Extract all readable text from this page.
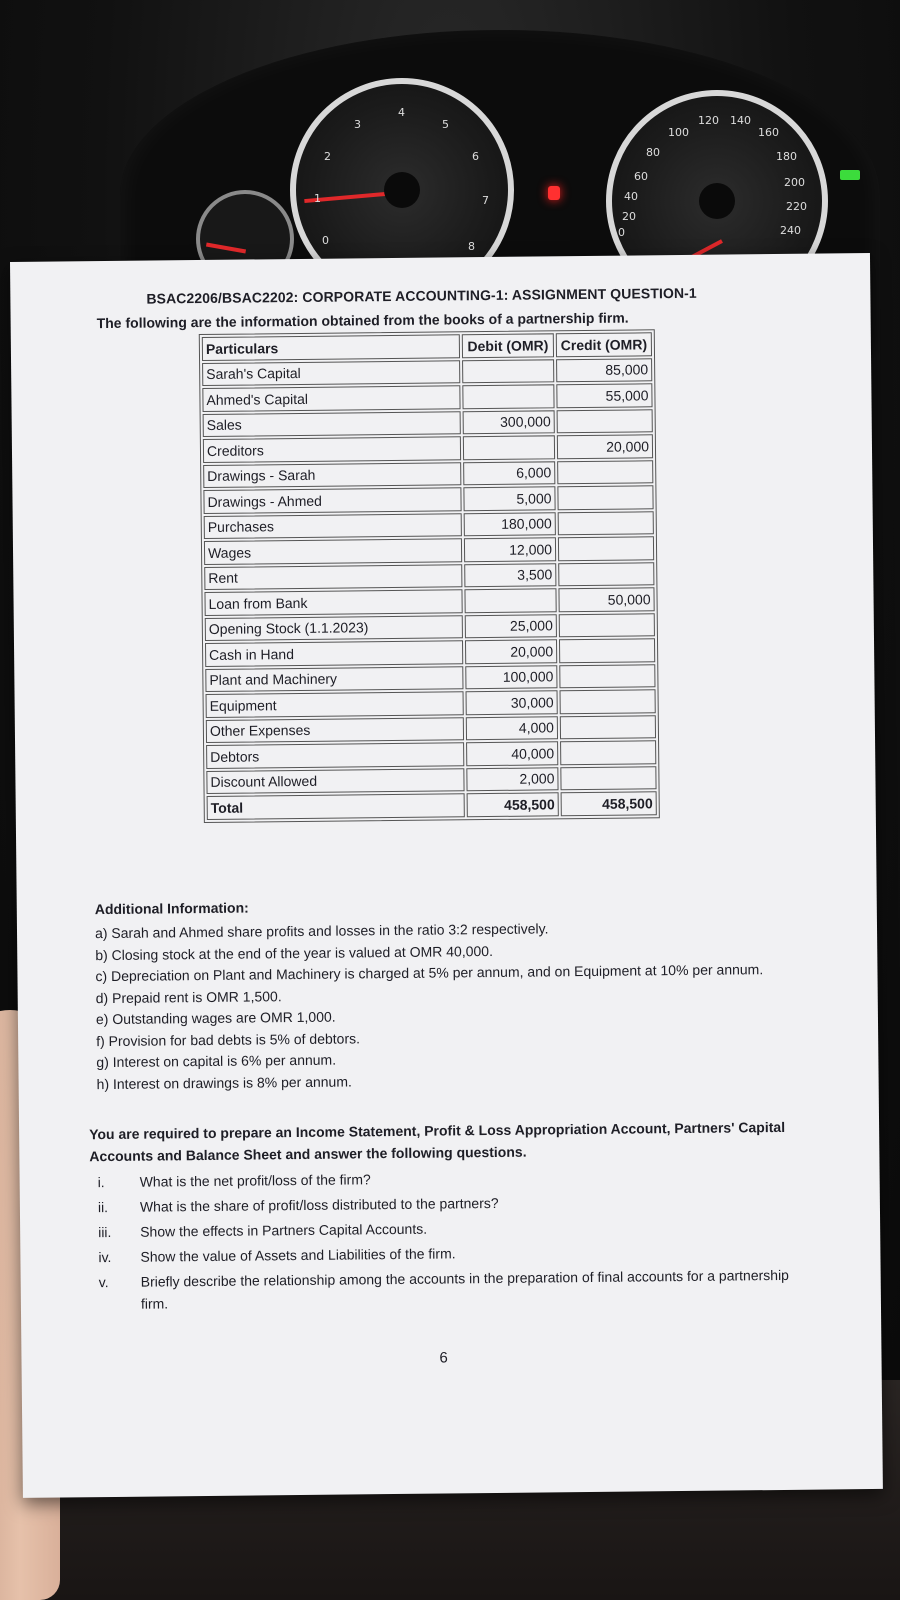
0
1
2
3
4
5
6
7
8
0
20
40
60
80
100
120 140
160
180
200
220
240
BSAC2206/BSAC2202: CORPORATE ACCOUNTING-1: ASSIGNMENT QUESTION-1
The following are the information obtained from the books of a partnership firm.
Particulars	Debit (OMR)	Credit (OMR)
Sarah's Capital		85,000
Ahmed's Capital		55,000
Sales	300,000	
Creditors		20,000
Drawings - Sarah	6,000	
Drawings - Ahmed	5,000	
Purchases	180,000	
Wages	12,000	
Rent	3,500	
Loan from Bank		50,000
Opening Stock (1.1.2023)	25,000	
Cash in Hand	20,000	
Plant and Machinery	100,000	
Equipment	30,000	
Other Expenses	4,000	
Debtors	40,000	
Discount Allowed	2,000	
Total	458,500	458,500
Additional Information:
a) Sarah and Ahmed share profits and losses in the ratio 3:2 respectively.
b) Closing stock at the end of the year is valued at OMR 40,000.
c) Depreciation on Plant and Machinery is charged at 5% per annum, and on Equipment at 10% per annum.
d) Prepaid rent is OMR 1,500.
e) Outstanding wages are OMR 1,000.
f) Provision for bad debts is 5% of debtors.
g) Interest on capital is 6% per annum.
h) Interest on drawings is 8% per annum.
You are required to prepare an Income Statement, Profit & Loss Appropriation Account, Partners' Capital Accounts and Balance Sheet and answer the following questions.
i.	What is the net profit/loss of the firm?
ii.	What is the share of profit/loss distributed to the partners?
iii.	Show the effects in Partners Capital Accounts.
iv.	Show the value of Assets and Liabilities of the firm.
v.	Briefly describe the relationship among the accounts in the preparation of final accounts for a partnership firm.
6
